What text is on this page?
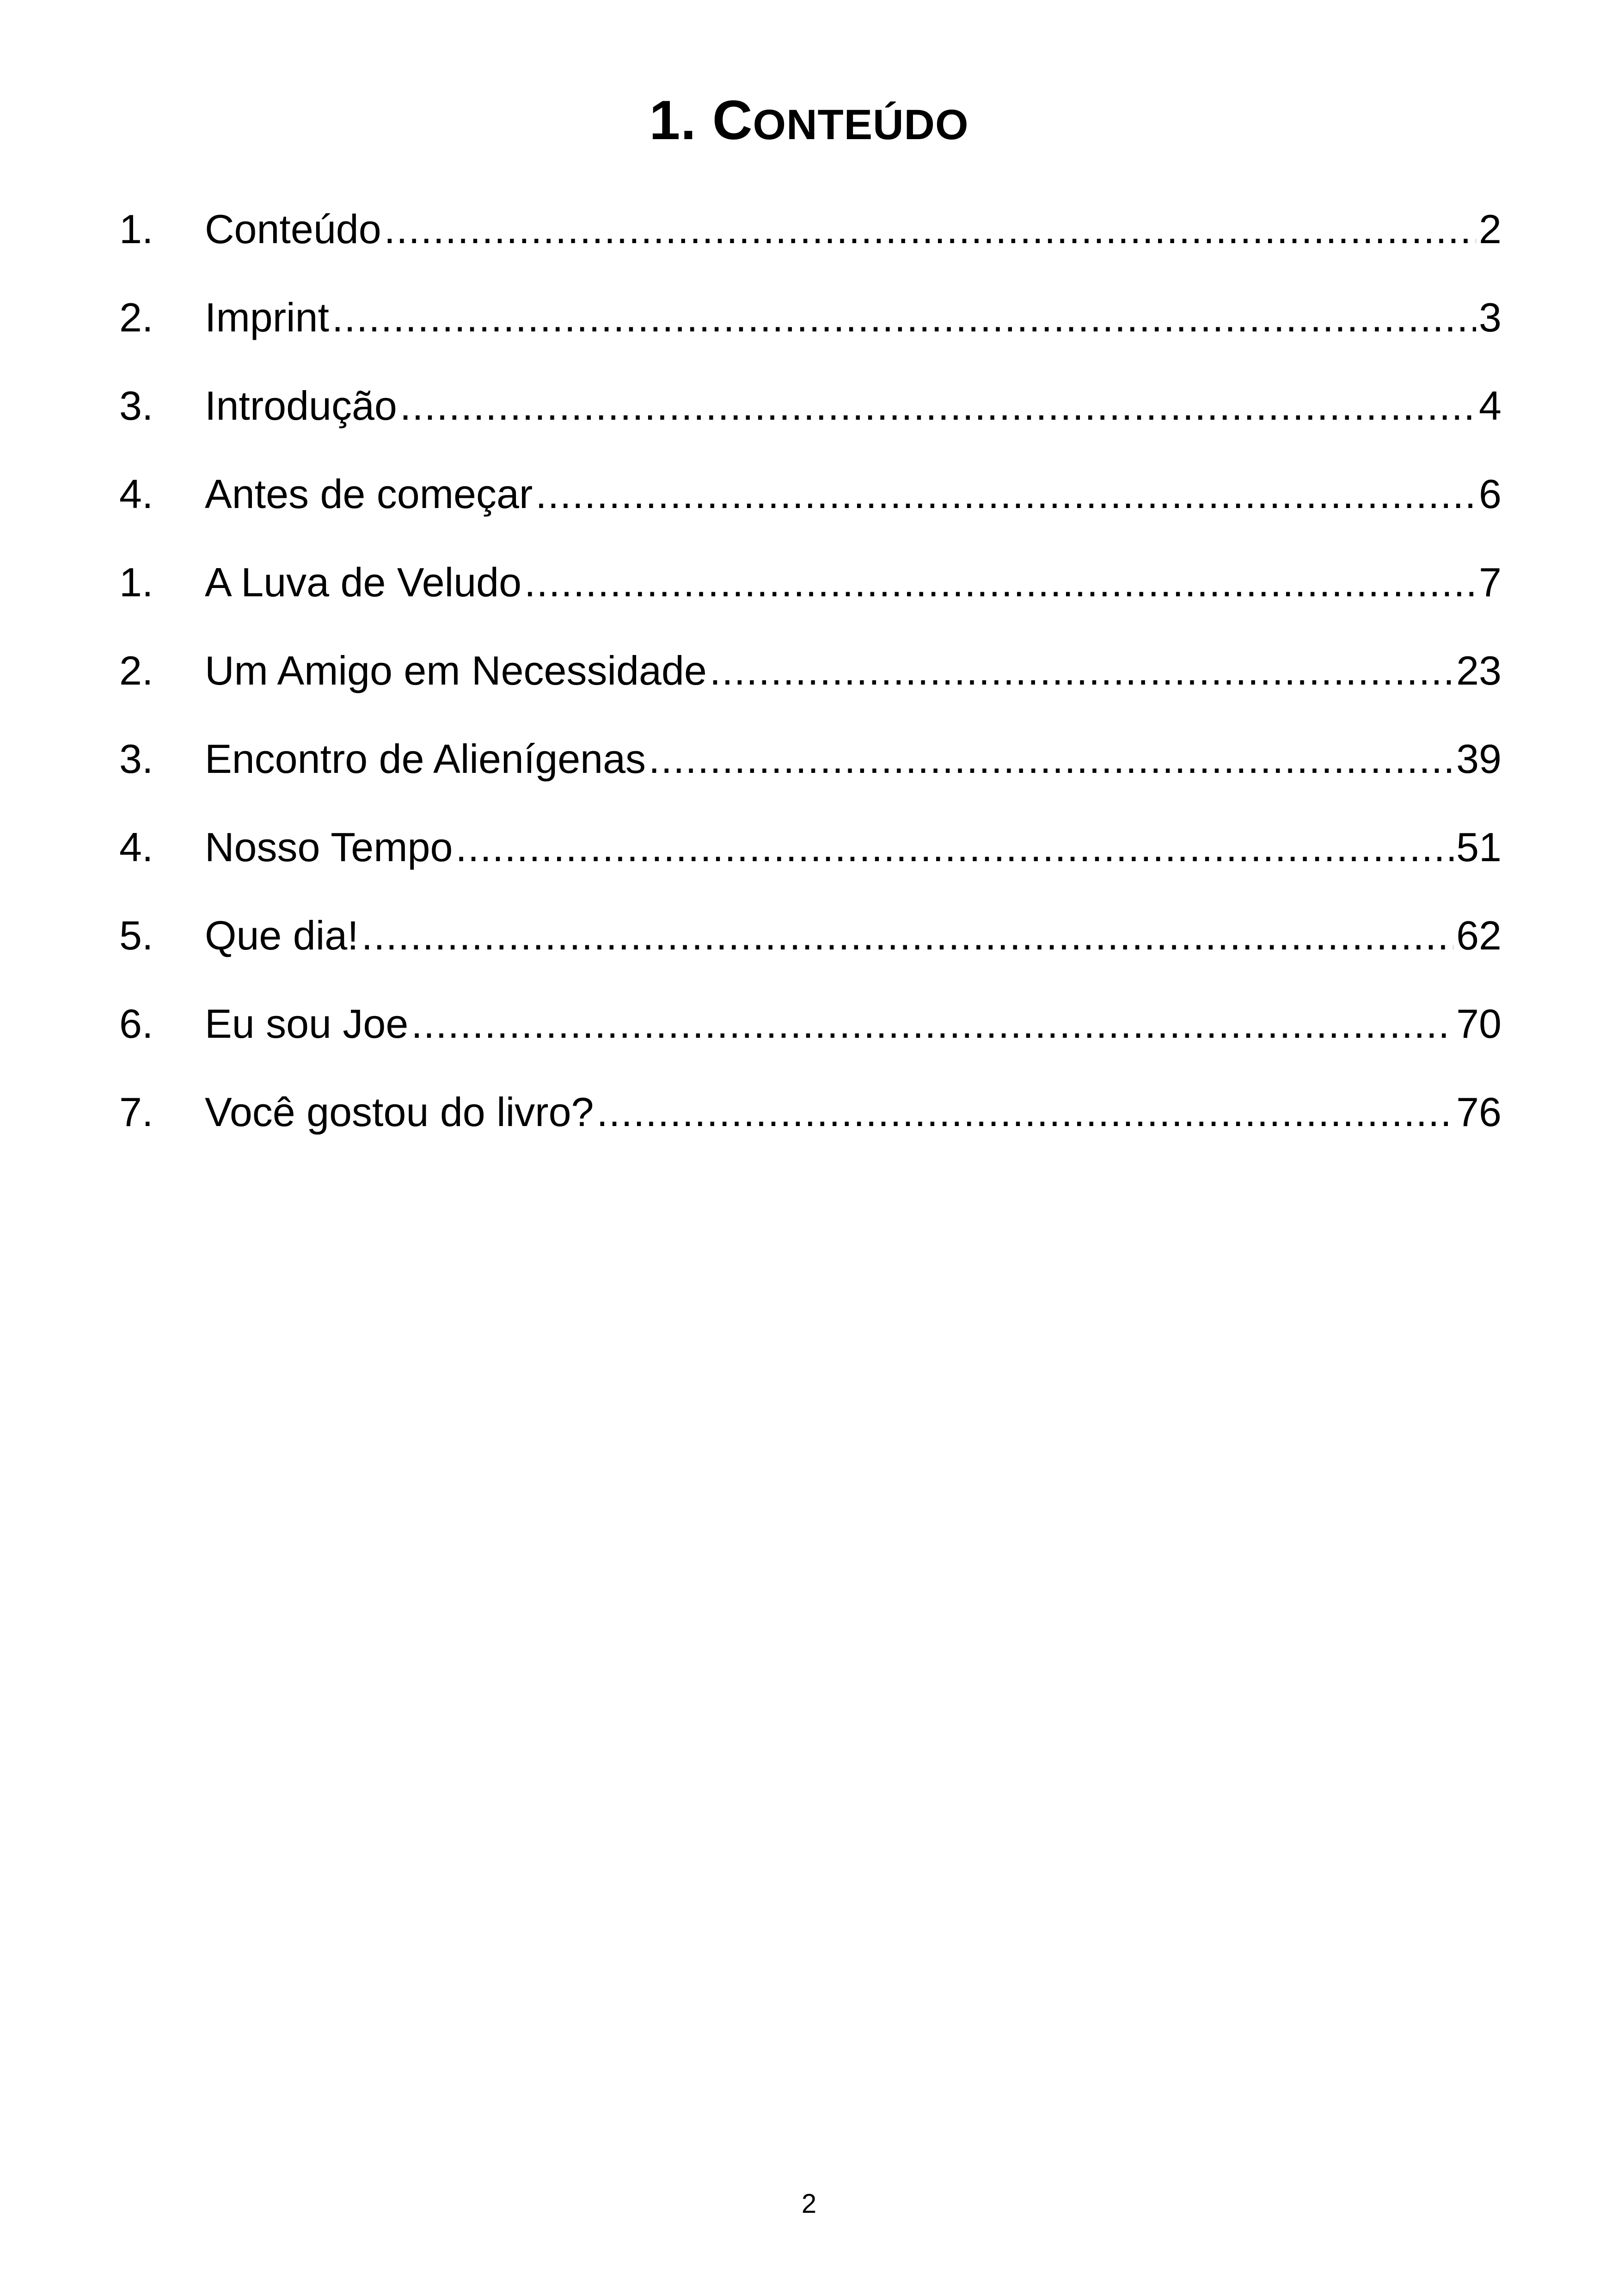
1. CONTEÚDO
1.	Conteúdo .....	2
2.	Imprint .....	3
3.	Introdução .....	4
4.	Antes de começar .....	6
1.	A Luva de Veludo .....	7
2.	Um Amigo em Necessidade .....	23
3.	Encontro de Alienígenas .....	39
4.	Nosso Tempo .....	51
5.	Que dia! .....	62
6.	Eu sou Joe .....	70
7.	Você gostou do livro? .....	76
2
